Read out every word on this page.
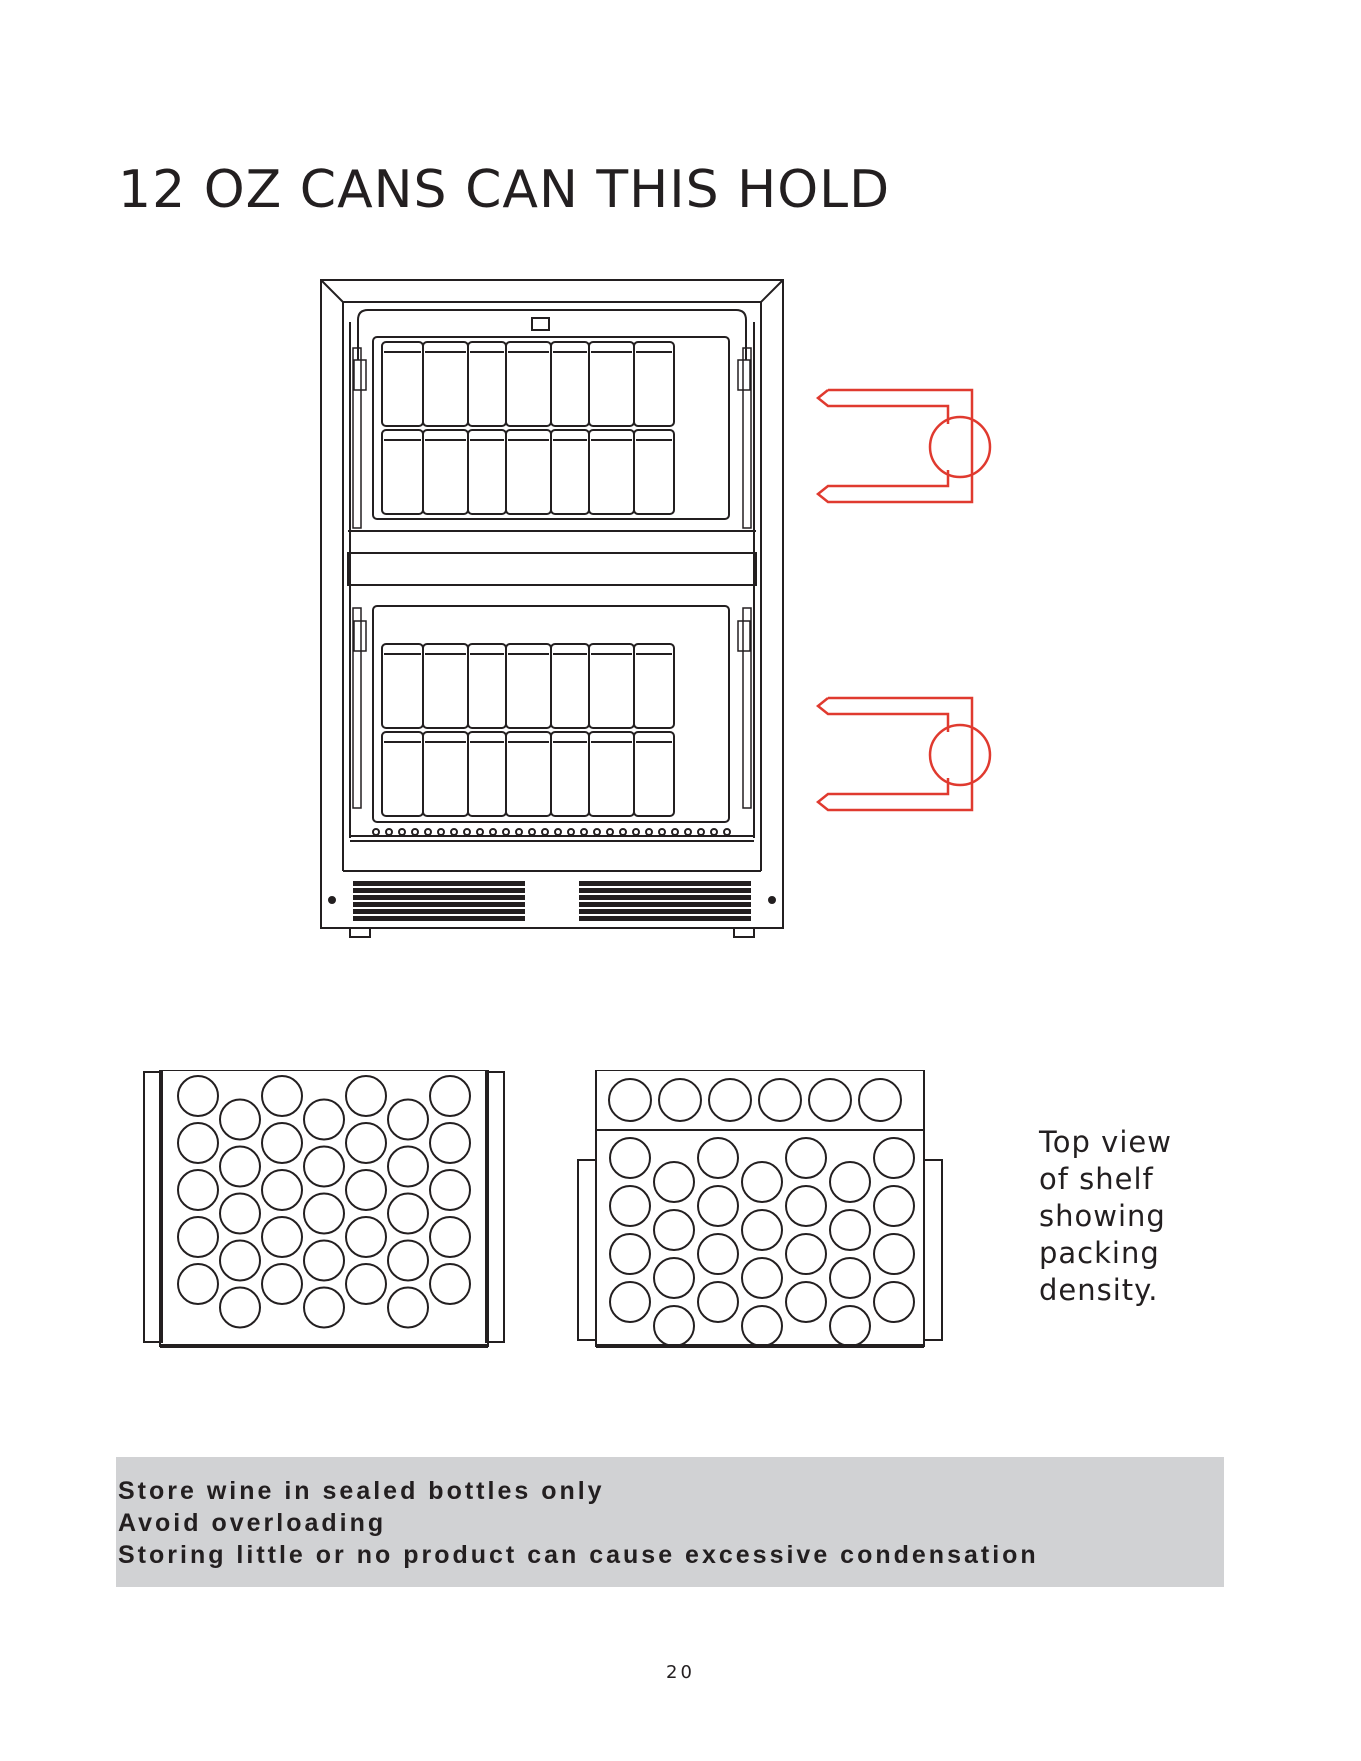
12 OZ CANS CAN THIS HOLD
Top view
of shelf
showing
packing
density.
Store wine in sealed bottles only
Avoid overloading
Storing little or no product can cause excessive condensation
20
